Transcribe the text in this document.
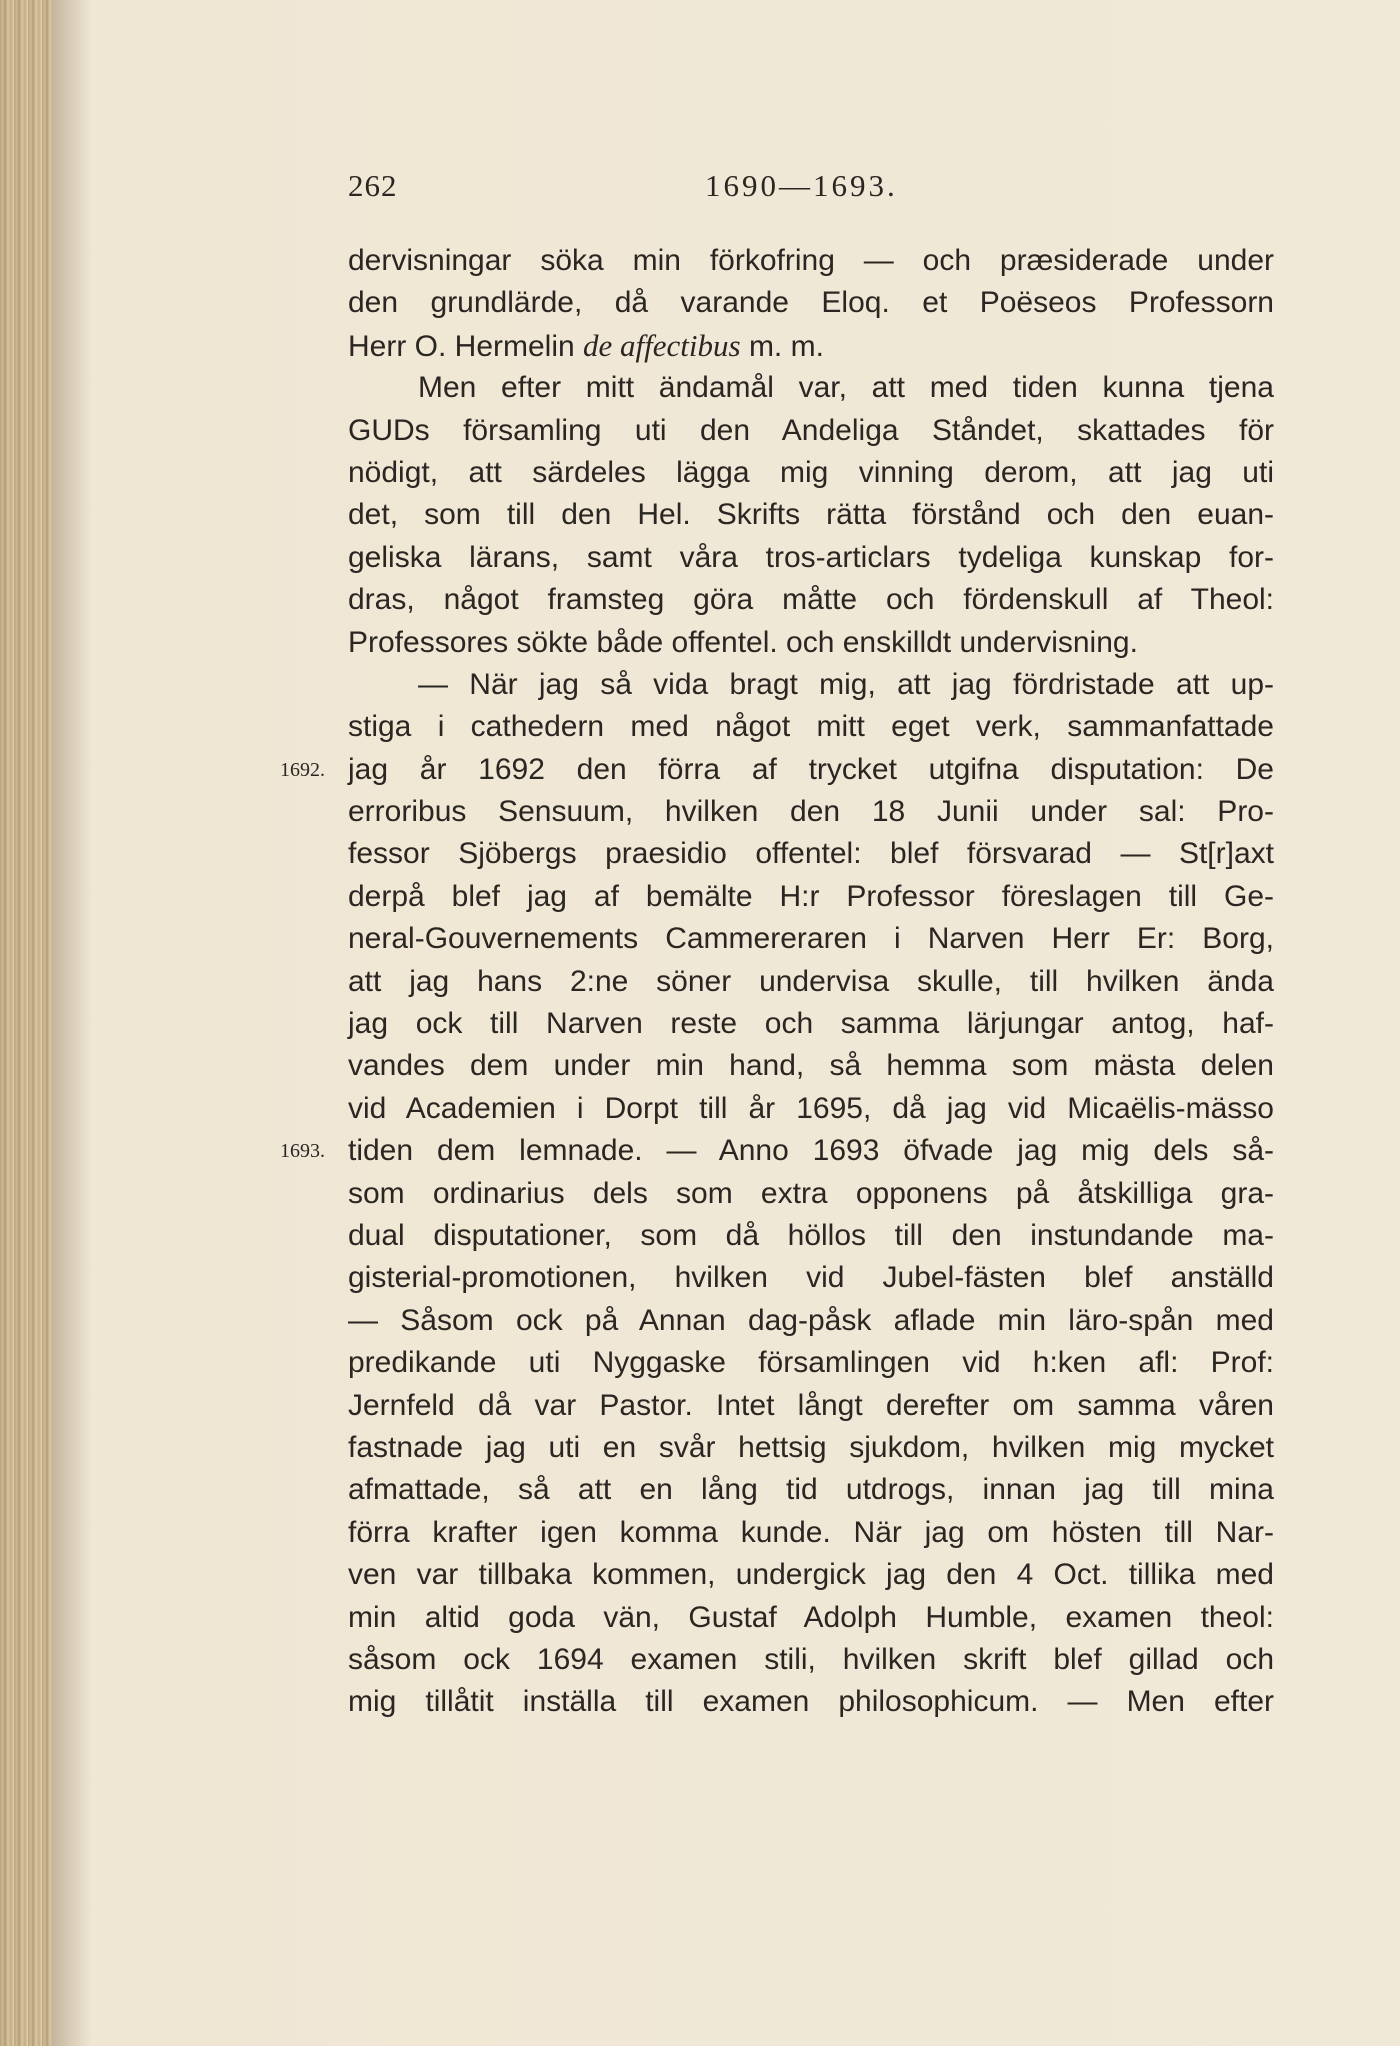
262	1690—1693.
dervisningar söka min förkofring — och præsiderade under
den grundlärde, då varande Eloq. et Poëseos Professorn
Herr O. Hermelin de affectibus m. m.
Men efter mitt ändamål var, att med tiden kunna tjena
GUDs församling uti den Andeliga Ståndet, skattades för
nödigt, att särdeles lägga mig vinning derom, att jag uti
det, som till den Hel. Skrifts rätta förstånd och den euan-
geliska lärans, samt våra tros-articlars tydeliga kunskap for-
dras, något framsteg göra måtte och fördenskull af Theol:
Professores sökte både offentel. och enskilldt undervisning.
— När jag så vida bragt mig, att jag fördristade att up-
stiga i cathedern med något mitt eget verk, sammanfattade
1692. jag år 1692 den förra af trycket utgifna disputation: De
erroribus Sensuum, hvilken den 18 Junii under sal: Pro-
fessor Sjöbergs praesidio offentel: blef försvarad — St[r]axt
derpå blef jag af bemälte H:r Professor föreslagen till Ge-
neral-Gouvernements Cammereraren i Narven Herr Er: Borg,
att jag hans 2:ne söner undervisa skulle, till hvilken ända
jag ock till Narven reste och samma lärjungar antog, haf-
vandes dem under min hand, så hemma som mästa delen
vid Academien i Dorpt till år 1695, då jag vid Micaëlis-mässo
1693. tiden dem lemnade. — Anno 1693 öfvade jag mig dels så-
som ordinarius dels som extra opponens på åtskilliga gra-
dual disputationer, som då höllos till den instundande ma-
gisterial-promotionen, hvilken vid Jubel-fästen blef anställd
— Såsom ock på Annan dag-påsk aflade min läro-spån med
predikande uti Nyggaske församlingen vid h:ken afl: Prof:
Jernfeld då var Pastor. Intet långt derefter om samma våren
fastnade jag uti en svår hettsig sjukdom, hvilken mig mycket
afmattade, så att en lång tid utdrogs, innan jag till mina
förra krafter igen komma kunde. När jag om hösten till Nar-
ven var tillbaka kommen, undergick jag den 4 Oct. tillika med
min altid goda vän, Gustaf Adolph Humble, examen theol:
såsom ock 1694 examen stili, hvilken skrift blef gillad och
mig tillåtit inställa till examen philosophicum. — Men efter
